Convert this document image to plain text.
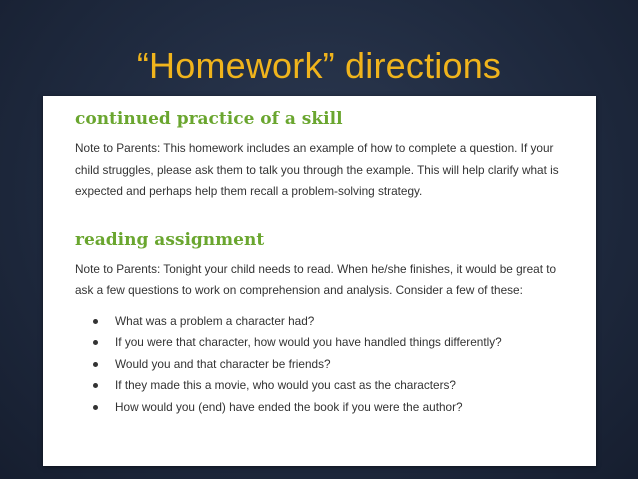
“Homework” directions
continued practice of a skill

Note to Parents: This homework includes an example of how to complete a question. If your child struggles, please ask them to talk you through the example. This will help clarify what is expected and perhaps help them recall a problem-solving strategy.

reading assignment

Note to Parents: Tonight your child needs to read. When he/she finishes, it would be great to ask a few questions to work on comprehension and analysis. Consider a few of these:

What was a problem a character had?
If you were that character, how would you have handled things differently?
Would you and that character be friends?
If they made this a movie, who would you cast as the characters?
How would you (end) have ended the book if you were the author?
